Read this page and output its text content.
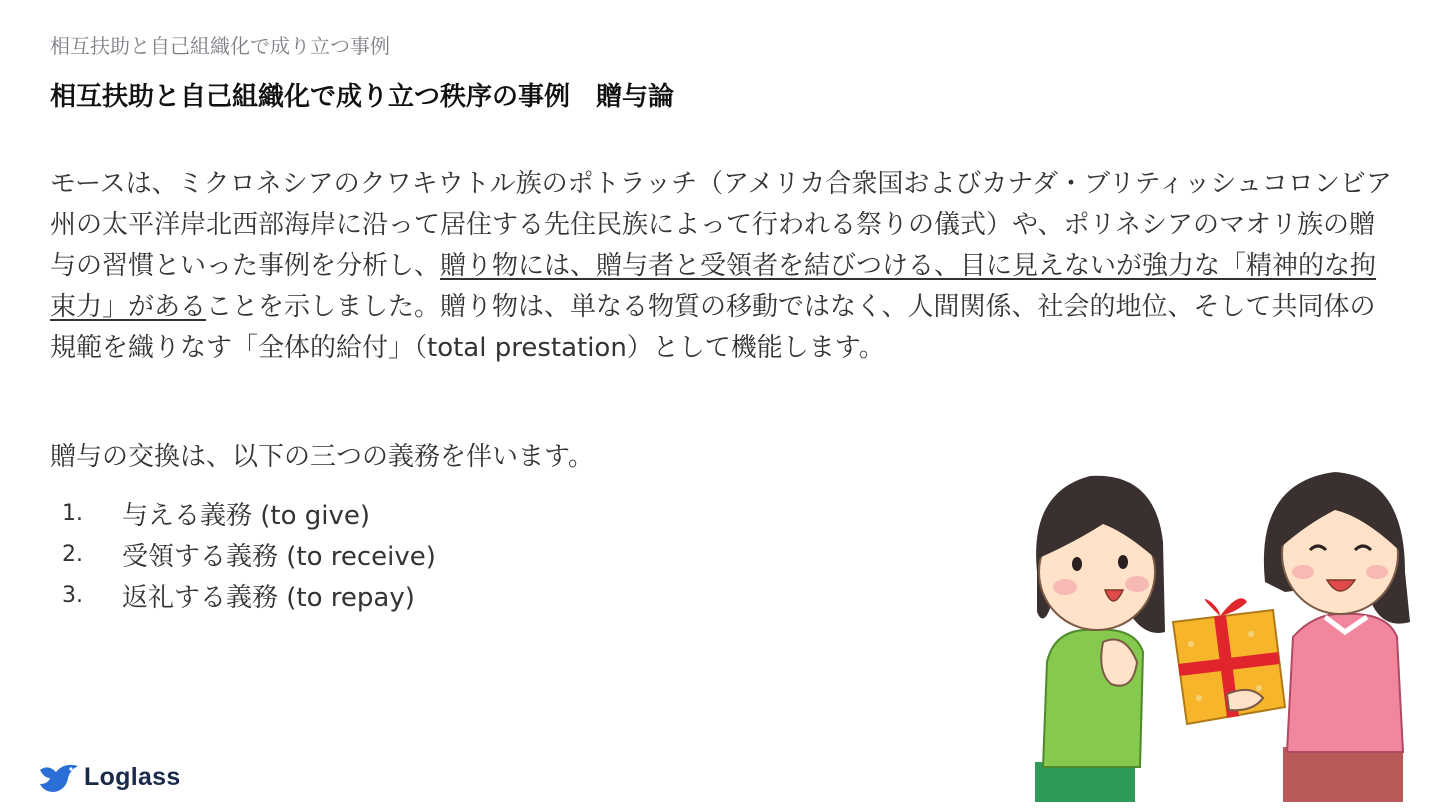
相互扶助と自己組織化で成り立つ事例
相互扶助と自己組織化で成り立つ秩序の事例　贈与論

モースは、ミクロネシアのクワキウトル族のポトラッチ（アメリカ合衆国およびカナダ・ブリティッシュコロンビア州の太平洋岸北西部海岸に沿って居住する先住民族によって行われる祭りの儀式）や、ポリネシアのマオリ族の贈与の習慣といった事例を分析し、贈り物には、贈与者と受領者を結びつける、目に見えないが強力な「精神的な拘束力」があることを示しました。贈り物は、単なる物質の移動ではなく、人間関係、社会的地位、そして共同体の規範を織りなす「全体的給付」（total prestation）として機能します。

贈与の交換は、以下の三つの義務を伴います。
1.	与える義務 (to give)
2.	受領する義務 (to receive)
3.	返礼する義務 (to repay)
Loglass
